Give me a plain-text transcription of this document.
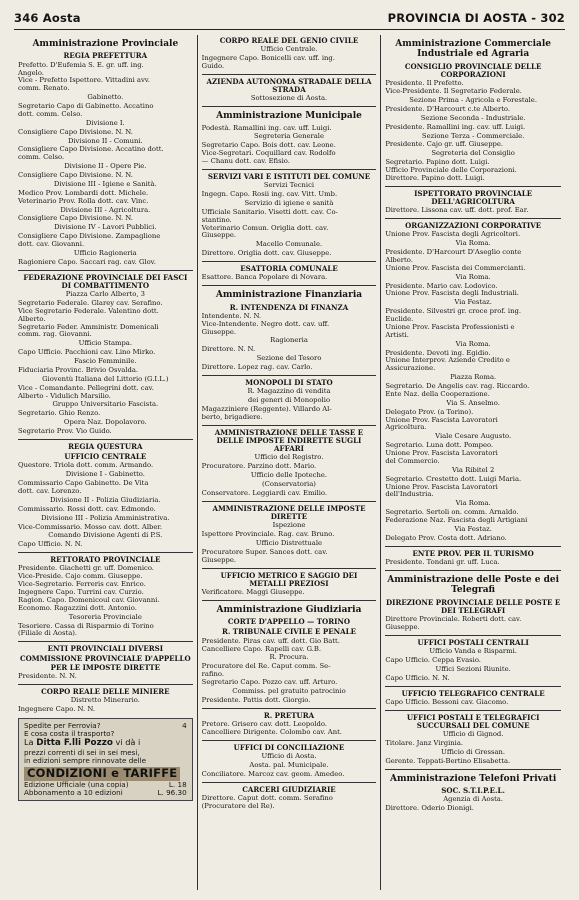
346 Aosta	PROVINCIA DI AOSTA - 302
Amministrazione Provinciale
REGIA PREFETTURA
Prefetto. D'Eufemia S. E. gr. uff. ing.
Angelo.
Vice - Prefetto Ispettore. Vittadini avv.
comm. Renato.
Gabinetto.
Segretario Capo di Gabinetto. Accatino
dott. comm. Celso.
Divisione I.
Consigliere Capo Divisione. N. N.
Divisione II - Comuni.
Consigliere Capo Divisione. Accatino dott.
comm. Celso.
Divisione II - Opere Pie.
Consigliere Capo Divisione. N. N.
Divisione III - Igiene e Sanità.
Medico Prov. Lombardi dott. Michele.
Veterinario Prov. Rolla dott. cav. Vinc.
Divisione III - Agricoltura.
Consigliere Capo Divisione. N. N.
Divisione IV - Lavori Pubblici.
Consigliere Capo Divisione. Zampaglione
dott. cav. Giovanni.
Ufficio Ragioneria
Ragioniere Capo. Saccari rag. cav. Glov.
FEDERAZIONE PROVINCIALE DEI FASCI DI COMBATTIMENTO
Piazza Carlo Alberto, 3
Segretario Federale. Glarey cav. Serafino.
Vice Segretario Federale. Valentino dott.
Alberto.
Segretario Feder. Amministr. Domenicali
comm. rag. Giovanni.
Ufficio Stampa.
Capo Ufficio. Pacchioni cav. Lino Mirko.
Fascio Femminile.
Fiduciaria Provinc. Brivio Osvalda.
Gioventù Italiana del Littorio (G.I.L.)
Vice - Comandante. Pellegrini dott. cav.
Alberto - Vidulich Marsilio.
Gruppo Universitario Fascista.
Segretario. Ghio Renzo.
Opera Naz. Dopolavoro.
Segretario Prov. Vio Guido.
REGIA QUESTURA
UFFICIO CENTRALE
Questore. Triola dott. comm. Armando.
Divisione I - Gabinetto.
Commissario Capo Gabinetto. De Vita
dott. cav. Lorenzo.
Divisione II - Polizia Giudiziaria.
Commissario. Rossi dott. cav. Edmondo.
Divisione III - Polizia Amministrativa.
Vice-Commissario. Mosso cav. dott. Alber.
Comando Divisione Agenti di P.S.
Capo Ufficio. N. N.
RETTORATO PROVINCIALE
Presidente. Giachetti gr. uff. Domenico.
Vice-Preside. Cajo comm. Giuseppe.
Vice-Segretario. Ferreris cav. Enrico.
Ingegnere Capo. Turrini cav. Curzio.
Ragion. Capo. Domenicoul cav. Giovanni.
Economo. Ragazzini dott. Antonio.
Tesoreria Provinciale
Tesoriere. Cassa di Risparmio di Torino
(Filiale di Aosta).
ENTI PROVINCIALI DIVERSI
COMMISSIONE PROVINCIALE D'APPELLO PER LE IMPOSTE DIRETTE
Presidente. N. N.
CORPO REALE DELLE MINIERE
Distretto Minerario.
Ingegnere Capo. N. N.
Spedite per Ferrovia?	4
E cosa costa il trasporto?
La Ditta F.lli Pozzo vi dà i
prezzi correnti di sei in sei mesi,
in edizioni sempre rinnovate delle
CONDIZIONI e TARIFFE
Edizione Ufficiale (una copia)	L. 18
Abbonamento a 10 edizioni	L. 96.30
CORPO REALE DEL GENIO CIVILE
Ufficio Centrale.
Ingegnere Capo. Bonicelli cav. uff. ing.
Guido.
AZIENDA AUTONOMA STRADALE DELLA STRADA
Sottosezione di Aosta.
Amministrazione Municipale
Podestà. Ramallini ing. cav. uff. Luigi.
Segreteria Generale
Segretario Capo. Bois dott. cav. Leone.
Vice-Segretari. Coquillard cav. Rodolfo
— Chanu dott. cav. Efisio.
SERVIZI VARI E ISTITUTI DEL COMUNE
Servizi Tecnici
Ingegn. Capo. Rosii ing. cav. Vitt. Umb.
Servizio di igiene e sanità
Ufficiale Sanitario. Visetti dott. cav. Co-
stantino.
Veterinario Comun. Origlia dott. cav.
Giuseppe.
Macello Comunale.
Direttore. Origlia dott. cav. Giuseppe.
ESATTORIA COMUNALE
Esattore. Banca Popolare di Novara.
Amministrazione Finanziaria
R. INTENDENZA DI FINANZA
Intendente. N. N.
Vice-Intendente. Negro dott. cav. uff.
Giuseppe.
Ragioneria
Direttore. N. N.
Sezione del Tesoro
Direttore. Lopez rag. cav. Carlo.
MONOPOLI DI STATO
R. Magazzino di vendita
dei generi di Monopolio
Magazziniere (Reggente). Villardo Al-
berto, brigadiere.
AMMINISTRAZIONE DELLE TASSE E DELLE IMPOSTE INDIRETTE SUGLI AFFARI
Ufficio del Registro.
Procuratore. Parzino dott. Mario.
Ufficio delle Ipoteche.
(Conservatoria)
Conservatore. Leggiardi cav. Emilio.
AMMINISTRAZIONE DELLE IMPOSTE DIRETTE
Ispezione
Ispettore Provinciale. Rag. cav. Bruno.
Ufficio Distrettuale
Procuratore Super. Sances dott. cav.
Giuseppe.
UFFICIO METRICO E SAGGIO DEI METALLI PREZIOSI
Verificatore. Maggi Giuseppe.
Amministrazione Giudiziaria
CORTE D'APPELLO — TORINO
R. TRIBUNALE CIVILE E PENALE
Presidente. Piras cav. uff. dott. Gio Batt.
Cancelliere Capo. Rapelli cav. G.B.
R. Procura.
Procuratore del Re. Caput comm. Se-
rafino.
Segretario Capo. Pozzo cav. uff. Arturo.
Commiss. pel gratuito patrocinio
Presidente. Pattis dott. Giorgio.
R. PRETURA
Pretore. Grisero cav. dott. Leopoldo.
Cancelliere Dirigente. Colombo cav. Ant.
UFFICI DI CONCILIAZIONE
Ufficio di Aosta.
Aosta. pal. Municipale.
Conciliatore. Marcoz cav. geom. Amedeo.
CARCERI GIUDIZIARIE
Direttore. Caput dott. comm. Serafino
(Procuratore del Re).
Amministrazione Commerciale Industriale ed Agraria
CONSIGLIO PROVINCIALE DELLE CORPORAZIONI
Presidente. Il Prefetto.
Vice-Presidente. Il Segretario Federale.
Sezione Prima - Agricola e Forestale.
Presidente. D'Harcourt c.te Alberto.
Sezione Seconda - Industriale.
Presidente. Ramallini ing. cav. uff. Luigi.
Sezione Terza - Commerciale.
Presidente. Cajo gr. uff. Giuseppe.
Segreteria del Consiglio
Segretario. Papino dott. Luigi.
Ufficio Provinciale delle Corporazioni.
Direttore. Papino dott. Luigi.
ISPETTORATO PROVINCIALE DELL'AGRICOLTURA
Direttore. Lissona cav. uff. dott. prof. Ear.
ORGANIZZAZIONI CORPORATIVE
Unione Prov. Fascista degli Agricoltori.
Via Roma.
Presidente. D'Harcourt D'Aseglio conte
Alberto.
Unione Prov. Fascista dei Commercianti.
Via Roma.
Presidente. Mario cav. Lodovico.
Unione Prov. Fascista degli Industriali.
Via Festaz.
Presidente. Silvestri gr. croce prof. ing.
Euclide.
Unione Prov. Fascista Professionisti e
Artisti.
Via Roma.
Presidente. Devoti ing. Egidio.
Unione Interprov. Aziende Credito e
Assicurazione.
Piazza Roma.
Segretario. De Angelis cav. rag. Riccardo.
Ente Naz. della Cooperazione.
Via S. Anselmo.
Delegato Prov. (a Torino).
Unione Prov. Fascista Lavoratori
Agricoltura.
Viale Cesare Augusto.
Segretario. Luna dott. Pompeo.
Unione Prov. Fascista Lavoratori
del Commercio.
Via Ribitel 2
Segretario. Crestetto dott. Luigi Maria.
Unione Prov. Fascista Lavoratori
dell'Industria.
Via Roma.
Segretario. Sertoli on. comm. Arnaldo.
Federazione Naz. Fascista degli Artigiani
Via Festaz.
Delegato Prov. Costa dott. Adriano.
ENTE PROV. PER IL TURISMO
Presidente. Tondani gr. uff. Luca.
Amministrazione delle Poste e dei Telegrafi
DIREZIONE PROVINCIALE DELLE POSTE E DEI TELEGRAFI
Direttore Provinciale. Roberti dott. cav.
Giuseppe.
UFFICI POSTALI CENTRALI
Ufficio Vanda e Risparmi.
Capo Ufficio. Ceppa Evasio.
Uffici Sezioni Riunite.
Capo Ufficio. N. N.
UFFICIO TELEGRAFICO CENTRALE
Capo Ufficio. Bessoni cav. Giacomo.
UFFICI POSTALI E TELEGRAFICI SUCCURSALI DEL COMUNE
Ufficio di Gignod.
Titolare. Janz Virginia.
Ufficio di Gressan.
Gerente. Teppati-Bertino Elisabetta.
Amministrazione Telefoni Privati
SOC. S.T.I.P.E.L.
Agenzia di Aosta.
Direttore. Oderio Dionigi.
